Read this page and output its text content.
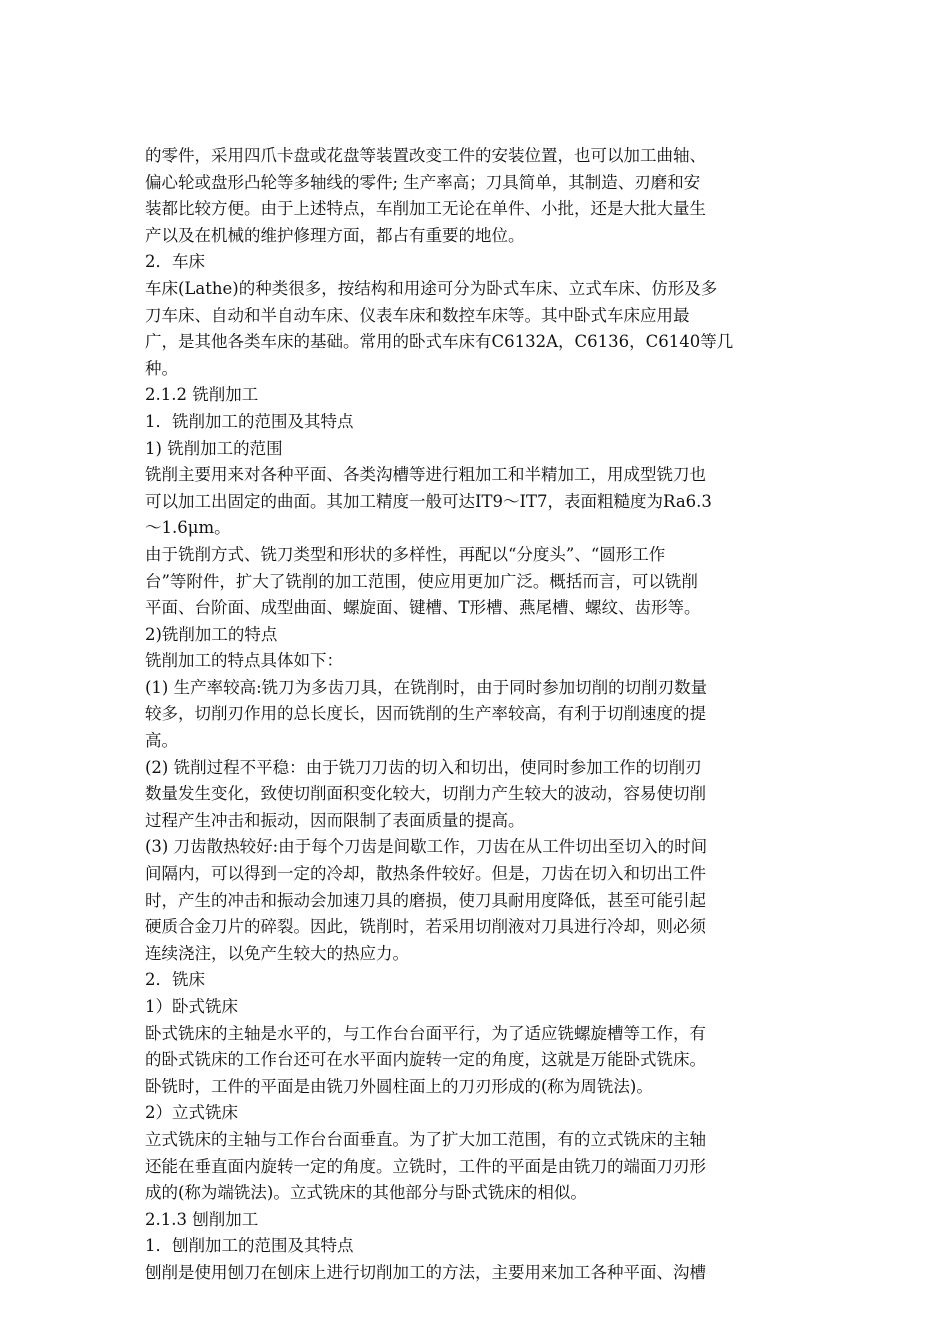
的零件，采用四爪卡盘或花盘等装置改变工件的安装位置，也可以加工曲轴、
偏心轮或盘形凸轮等多轴线的零件; 生产率高；刀具简单，其制造、刃磨和安
装都比较方便。由于上述特点，车削加工无论在单件、小批，还是大批大量生
产以及在机械的维护修理方面，都占有重要的地位。
2．车床
车床(Lathe)的种类很多，按结构和用途可分为卧式车床、立式车床、仿形及多
刀车床、自动和半自动车床、仪表车床和数控车床等。其中卧式车床应用最
广，是其他各类车床的基础。常用的卧式车床有C6132A，C6136，C6140等几
种。
2.1.2 铣削加工
1．铣削加工的范围及其特点
1) 铣削加工的范围
铣削主要用来对各种平面、各类沟槽等进行粗加工和半精加工，用成型铣刀也
可以加工出固定的曲面。其加工精度一般可达IT9～IT7，表面粗糙度为Ra6.3
～1.6μm。
由于铣削方式、铣刀类型和形状的多样性，再配以“分度头”、“圆形工作
台”等附件，扩大了铣削的加工范围，使应用更加广泛。概括而言，可以铣削
平面、台阶面、成型曲面、螺旋面、键槽、T形槽、燕尾槽、螺纹、齿形等。
2)铣削加工的特点
铣削加工的特点具体如下：
(1) 生产率较高:铣刀为多齿刀具，在铣削时，由于同时参加切削的切削刃数量
较多，切削刃作用的总长度长，因而铣削的生产率较高，有利于切削速度的提
高。
(2) 铣削过程不平稳：由于铣刀刀齿的切入和切出，使同时参加工作的切削刃
数量发生变化，致使切削面积变化较大，切削力产生较大的波动，容易使切削
过程产生冲击和振动，因而限制了表面质量的提高。
(3) 刀齿散热较好:由于每个刀齿是间歇工作，刀齿在从工件切出至切入的时间
间隔内，可以得到一定的冷却，散热条件较好。但是，刀齿在切入和切出工件
时，产生的冲击和振动会加速刀具的磨损，使刀具耐用度降低，甚至可能引起
硬质合金刀片的碎裂。因此，铣削时，若采用切削液对刀具进行冷却，则必须
连续浇注，以免产生较大的热应力。
2．铣床
1）卧式铣床
卧式铣床的主轴是水平的，与工作台台面平行，为了适应铣螺旋槽等工作，有
的卧式铣床的工作台还可在水平面内旋转一定的角度，这就是万能卧式铣床。
卧铣时，工件的平面是由铣刀外圆柱面上的刀刃形成的(称为周铣法)。
2）立式铣床
立式铣床的主轴与工作台台面垂直。为了扩大加工范围，有的立式铣床的主轴
还能在垂直面内旋转一定的角度。立铣时，工件的平面是由铣刀的端面刀刃形
成的(称为端铣法)。立式铣床的其他部分与卧式铣床的相似。
2.1.3 刨削加工
1．刨削加工的范围及其特点
刨削是使用刨刀在刨床上进行切削加工的方法，主要用来加工各种平面、沟槽
